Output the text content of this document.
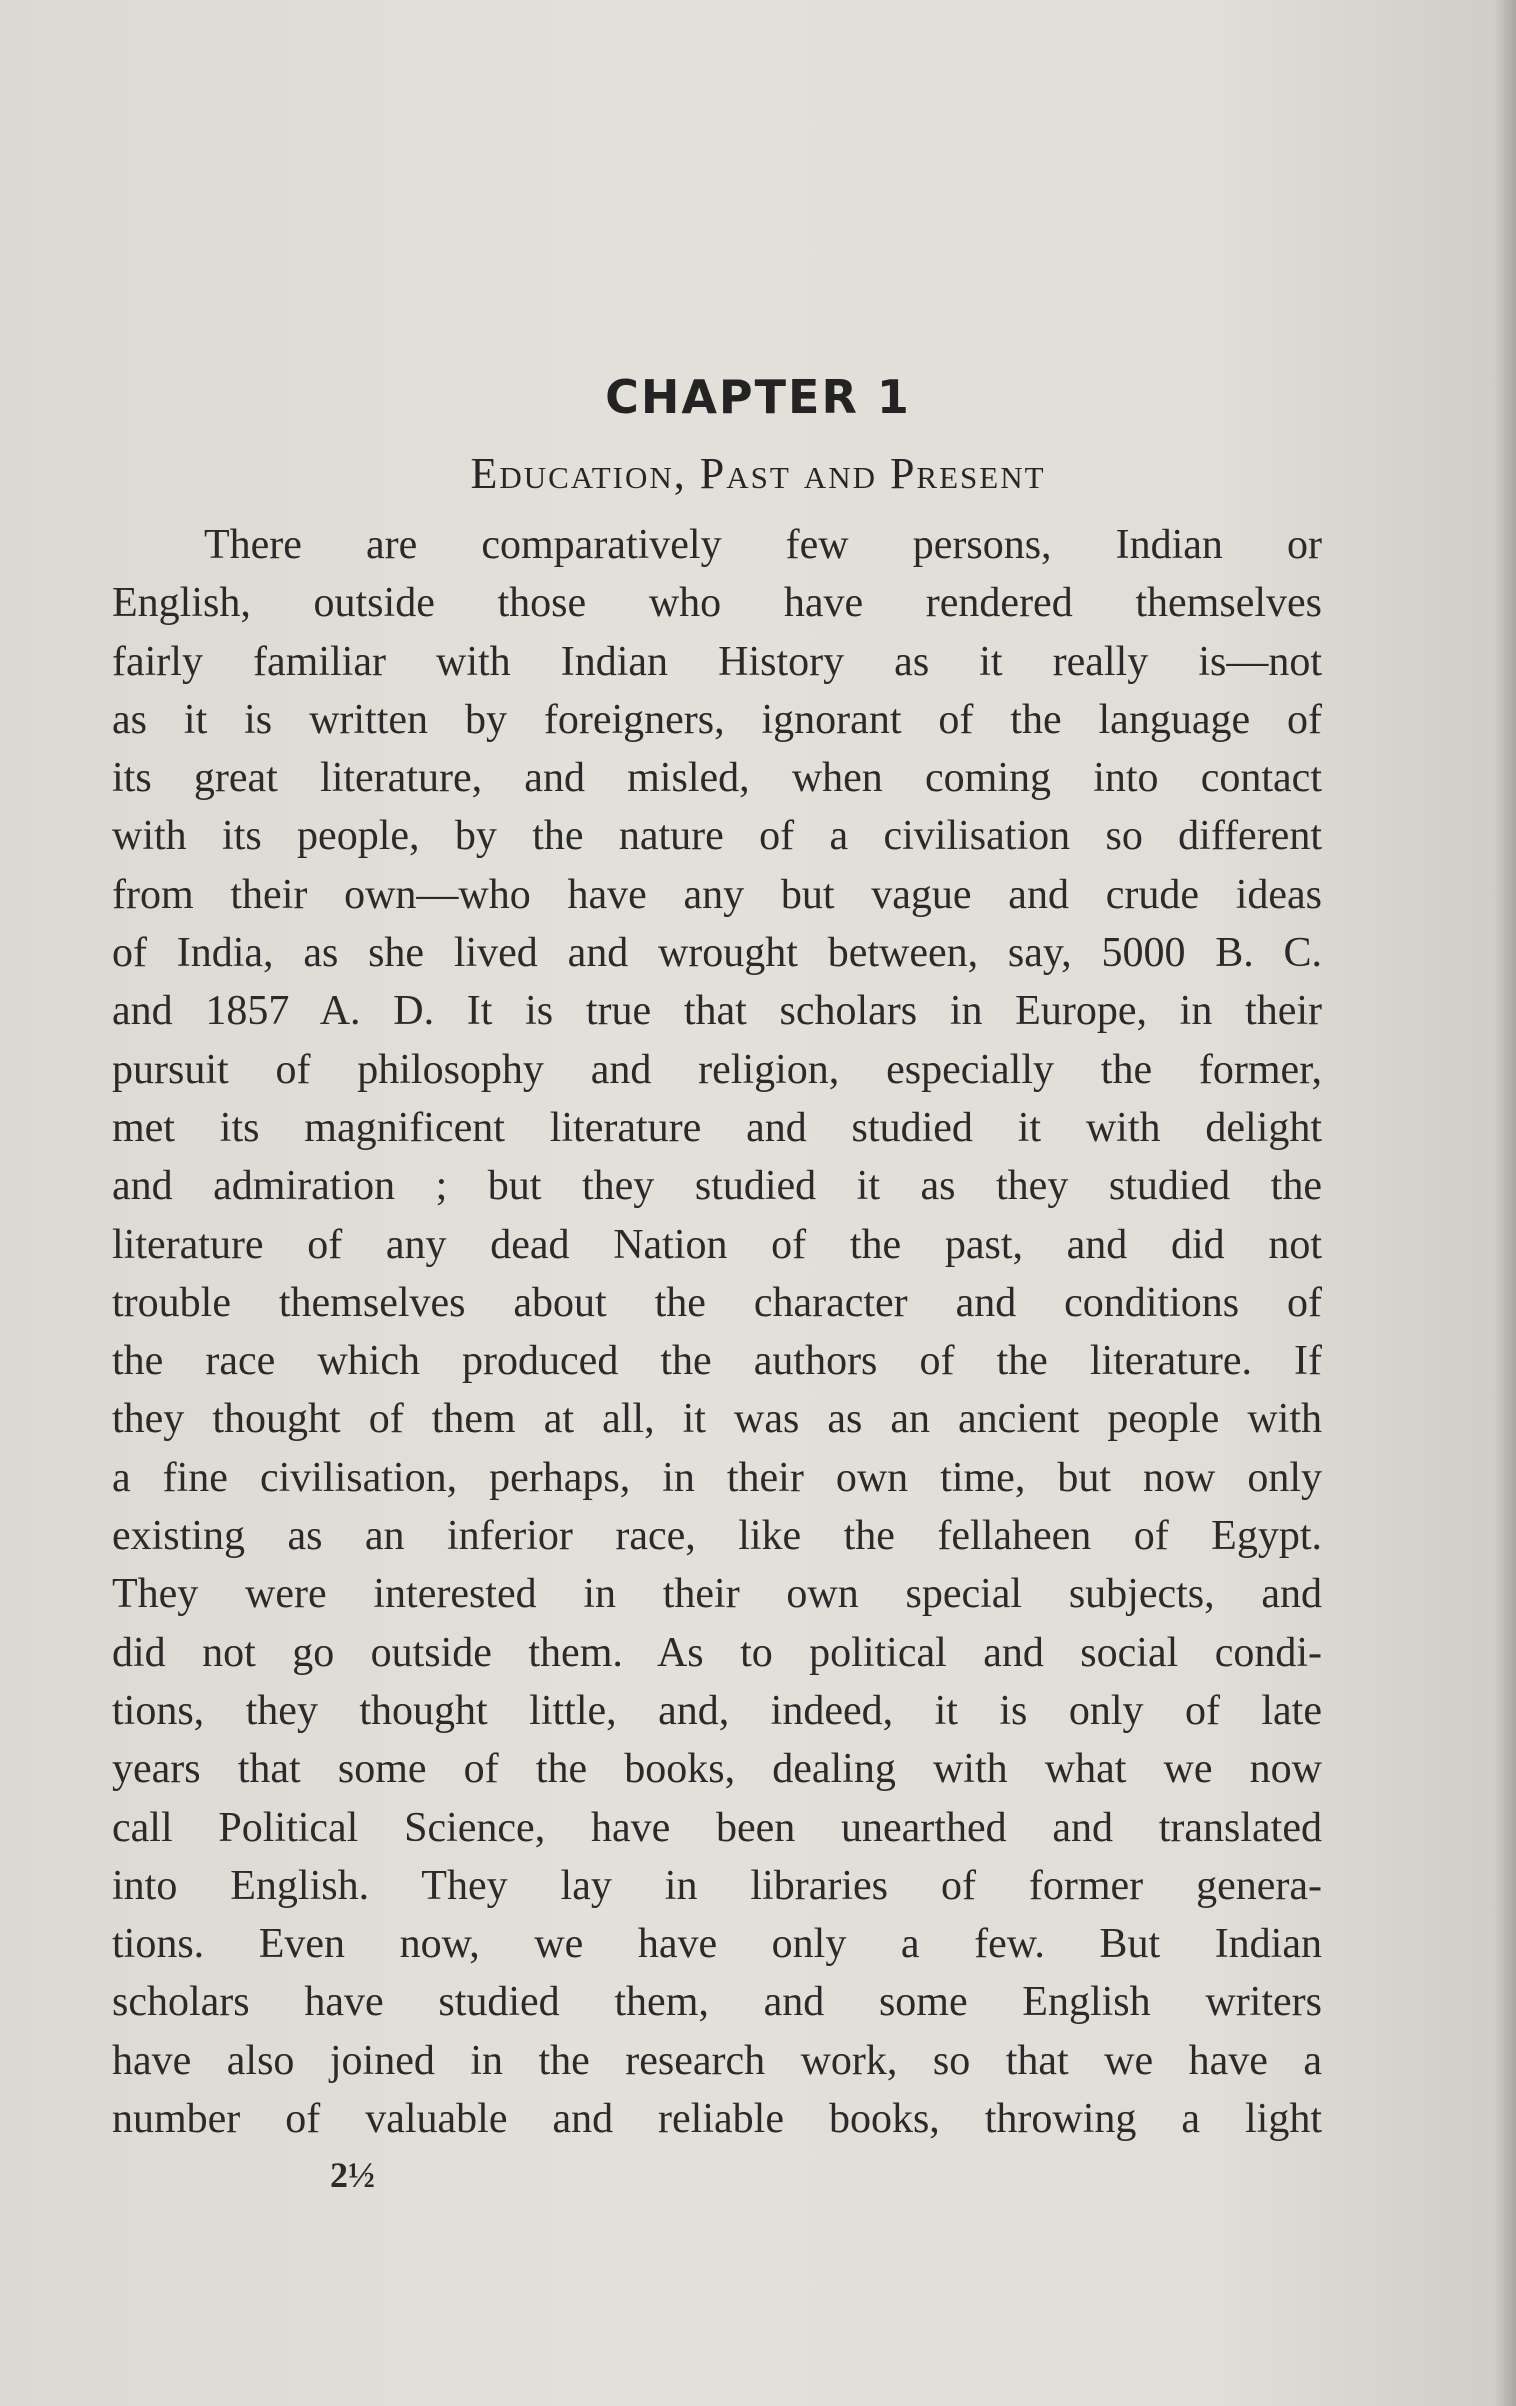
CHAPTER 1
Education, Past and Present
There are comparatively few persons, Indian or
English, outside those who have rendered themselves
fairly familiar with Indian History as it really is—not
as it is written by foreigners, ignorant of the language of
its great literature, and misled, when coming into contact
with its people, by the nature of a civilisation so different
from their own—who have any but vague and crude ideas
of India, as she lived and wrought between, say, 5000 B. C.
and 1857 A. D. It is true that scholars in Europe, in their
pursuit of philosophy and religion, especially the former,
met its magnificent literature and studied it with delight
and admiration ; but they studied it as they studied the
literature of any dead Nation of the past, and did not
trouble themselves about the character and conditions of
the race which produced the authors of the literature. If
they thought of them at all, it was as an ancient people with
a fine civilisation, perhaps, in their own time, but now only
existing as an inferior race, like the fellaheen of Egypt.
They were interested in their own special subjects, and
did not go outside them. As to political and social condi-
tions, they thought little, and, indeed, it is only of late
years that some of the books, dealing with what we now
call Political Science, have been unearthed and translated
into English. They lay in libraries of former genera-
tions. Even now, we have only a few. But Indian
scholars have studied them, and some English writers
have also joined in the research work, so that we have a
number of valuable and reliable books, throwing a light
2½
